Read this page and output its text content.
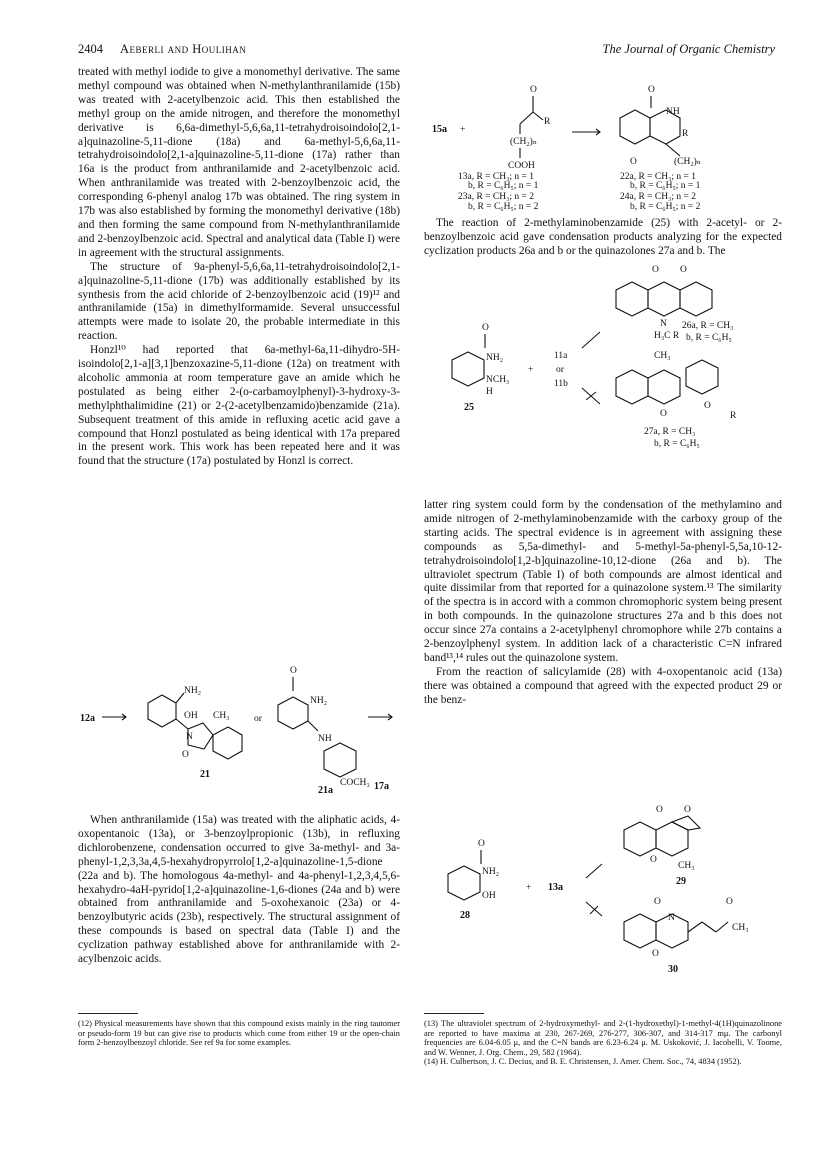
2404 Aeberli and Houlihan	The Journal of Organic Chemistry

treated with methyl iodide to give a monomethyl derivative. The same methyl compound was obtained when N-methylanthranilamide (15b) was treated with 2-acetylbenzoic acid. This then established the methyl group on the amide nitrogen, and therefore the monomethyl derivative is 6,6a-dimethyl-5,6,6a,11-tetrahydroisoindolo[2,1-a]quinazoline-5,11-dione (18a) and 6a-methyl-5,6,6a,11-tetrahydroisoindolo[2,1-a]quinazoline-5,11-dione (17a) rather than 16a is the product from anthranilamide and 2-acetylbenzoic acid. When anthranilamide was treated with 2-benzoylbenzoic acid, the corresponding 6-phenyl analog 17b was obtained. The ring system in 17b was also established by forming the monomethyl derivative (18b) and then forming the same compound from N-methylanthranilamide and 2-benzoylbenzoic acid. Spectral and analytical data (Table I) were in agreement with the structural assignments.

The structure of 9a-phenyl-5,6,6a,11-tetrahydroisoindolo[2,1-a]quinazoline-5,11-dione (17b) was additionally established by its synthesis from the acid chloride of 2-benzoylbenzoic acid (19)¹² and anthranilamide (15a) in dimethylformamide. Several unsuccessful attempts were made to isolate 20, the probable intermediate in this reaction.

Honzl¹⁰ had reported that 6a-methyl-6a,11-dihydro-5H-isoindolo[2,1-a][3,1]benzoxazine-5,11-dione (12a) on treatment with alcoholic ammonia at room temperature gave an amide which he postulated as being either 2-(o-carbamoylphenyl)-3-hydroxy-3-methylphthalimidine (21) or 2-(2-acetylbenzamido)benzamide (21a). Subsequent treatment of this amide in refluxing acetic acid gave a compound that Honzl postulated as being identical with 17a prepared in the present work. This work has been repeated here and it was found that the structure (17a) postulated by Honzl is correct.

12a
NH₂
OH CH₃
N
O
21
or
O
NH₂
NH
COCH₃
21a	17a

When anthranilamide (15a) was treated with the aliphatic acids, 4-oxopentanoic (13a), or 3-benzoylpropionic (13b), in refluxing dichlorobenzene, condensation occurred to give 3a-methyl- and 3a-phenyl-1,2,3,3a,4,5-hexahydropyrrolo[1,2-a]quinazoline-1,5-dione (22a and b). The homologous 4a-methyl- and 4a-phenyl-1,2,3,4,5,6-hexahydro-4aH-pyrido[1,2-a]quinazoline-1,6-diones (24a and b) were obtained from anthranilamide and 5-oxohexanoic (23a) or 4-benzoylbutyric acids (23b), respectively. The structural assignment of these compounds is based on spectral data (Table I) and the cyclization pathway established above for anthranilamide with 2-acylbenzoic acids.

(12) Physical measurements have shown that this compound exists mainly in the ring tautomer or pseudo-form 19 but can give rise to products which come from either 19 or the open-chain form 2-benzoylbenzoyl chloride. See ref 9a for some examples.
15a +
O
R
(CH₂)ₙ
COOH
O
NH
R
O	(CH₂)ₙ
13a, R = CH₃; n = 1
b, R = C₆H₅; n = 1
22a, R = CH₃; n = 1
b, R = C₆H₅; n = 1
23a, R = CH₃; n = 2
b, R = C₆H₅; n = 2
24a, R = CH₃; n = 2
b, R = C₆H₅; n = 2

The reaction of 2-methylaminobenzamide (25) with 2-acetyl- or 2-benzoylbenzoic acid gave condensation products analyzing for the expected cyclization products 26a and b or the quinazolones 27a and b. The

O
NH₂
NCH₃
H
25
+
11a
or
11b
O O
N
H₃C R
26a, R = CH₃
b, R = C₆H₅
CH₃
O
O
R
27a, R = CH₃
b, R = C₆H₅

latter ring system could form by the condensation of the methylamino and amide nitrogen of 2-methylaminobenzamide with the carboxy group of the starting acids. The spectral evidence is in agreement with assigning these compounds as 5,5a-dimethyl- and 5-methyl-5a-phenyl-5,5a,10-12-tetrahydroisoindolo[1,2-b]quinazoline-10,12-dione (26a and b). The ultraviolet spectrum (Table I) of both compounds are almost identical and quite dissimilar from that reported for a quinazolone system.¹³ The similarity of the spectra is in accord with a common chromophoric system being present in both compounds. In the quinazolone structures 27a and b this does not occur since 27a contains a 2-acetylphenyl chromophore while 27b contains a 2-benzoylphenyl system. In addition lack of a characteristic C=N infrared band¹³,¹⁴ rules out the quinazolone system.

From the reaction of salicylamide (28) with 4-oxopentanoic acid (13a) there was obtained a compound that agreed with the expected product 29 or the benz-

O
NH₂
OH
28
+ 13a
O O
O
CH₃
29
O
N
O
O
CH₃
30
(13) The ultraviolet spectrum of 2-hydroxymethyl- and 2-(1-hydroxethyl)-1-methyl-4(1H)quinazolinone are reported to have maxima at 230, 267-269, 276-277, 306-307, and 314-317 mμ. The carbonyl frequencies are 6.04-6.05 μ, and the C=N bands are 6.23-6.24 μ. M. Uskoković, J. Iacobelli, V. Toome, and W. Wenner, J. Org. Chem., 29, 582 (1964).
(14) H. Culbertson, J. C. Decius, and B. E. Christensen, J. Amer. Chem. Soc., 74, 4834 (1952).
